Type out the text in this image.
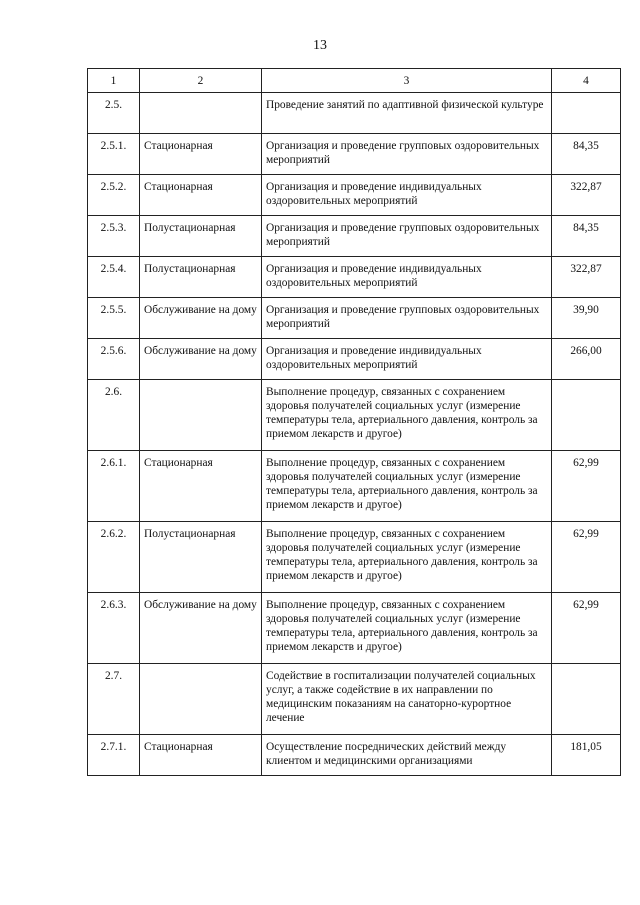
13
1	2	3	4
2.5.		Проведение занятий по адаптивной физической культуре	
2.5.1.	Стационарная	Организация и проведение групповых оздоровительных мероприятий	84,35
2.5.2.	Стационарная	Организация и проведение индивидуальных оздоровительных мероприятий	322,87
2.5.3.	Полустационарная	Организация и проведение групповых оздоровительных мероприятий	84,35
2.5.4.	Полустационарная	Организация и проведение индивидуальных оздоровительных мероприятий	322,87
2.5.5.	Обслуживание на дому	Организация и проведение групповых оздоровительных мероприятий	39,90
2.5.6.	Обслуживание на дому	Организация и проведение индивидуальных оздоровительных мероприятий	266,00
2.6.		Выполнение процедур, связанных с сохранением здоровья получателей социальных услуг (измерение температуры тела, артериального давления, контроль за приемом лекарств и другое)	
2.6.1.	Стационарная	Выполнение процедур, связанных с сохранением здоровья получателей социальных услуг (измерение температуры тела, артериального давления, контроль за приемом лекарств и другое)	62,99
2.6.2.	Полустационарная	Выполнение процедур, связанных с сохранением здоровья получателей социальных услуг (измерение температуры тела, артериального давления, контроль за приемом лекарств и другое)	62,99
2.6.3.	Обслуживание на дому	Выполнение процедур, связанных с сохранением здоровья получателей социальных услуг (измерение температуры тела, артериального давления, контроль за приемом лекарств и другое)	62,99
2.7.		Содействие в госпитализации получателей социальных услуг, а также содействие в их направлении по медицинским показаниям на санаторно-курортное лечение	
2.7.1.	Стационарная	Осуществление посреднических действий между клиентом и медицинскими организациями	181,05
